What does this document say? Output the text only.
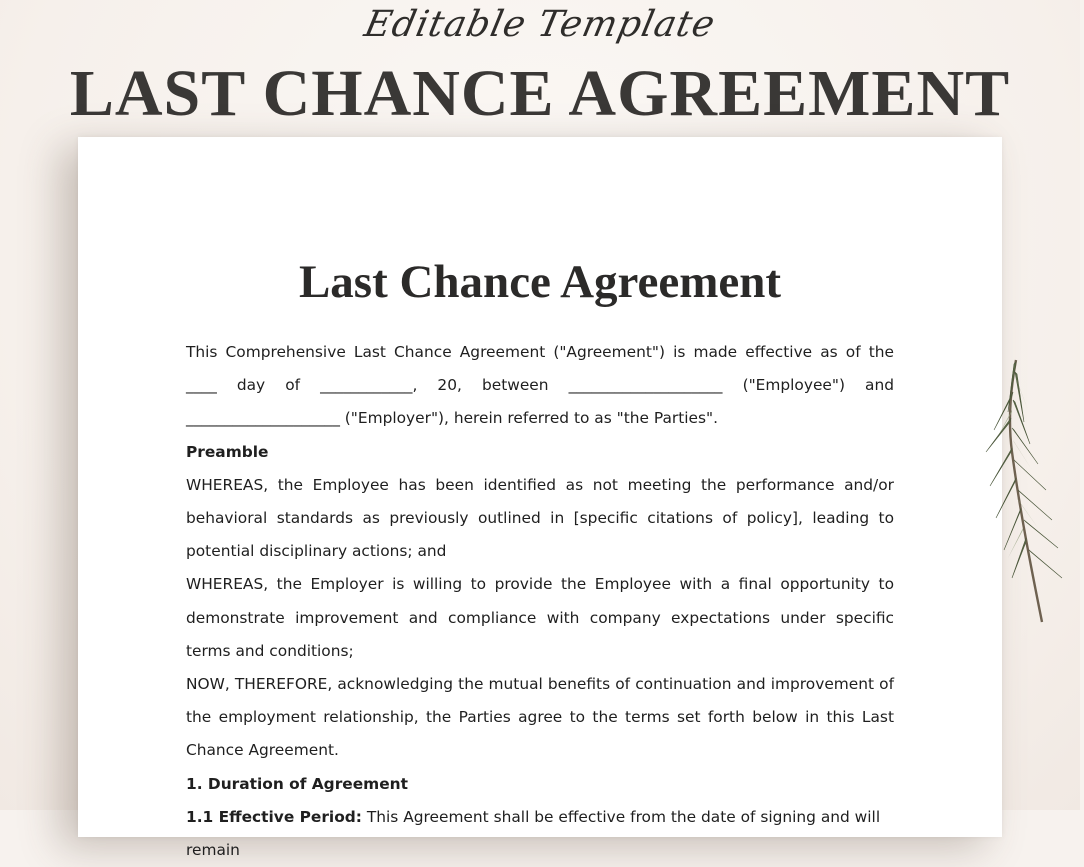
Editable Template
LAST CHANCE AGREEMENT
Last Chance Agreement

This Comprehensive Last Chance Agreement ("Agreement") is made effective as of the ____ day of ____________, 20, between ____________________ ("Employee") and ____________________ ("Employer"), herein referred to as "the Parties".

Preamble

WHEREAS, the Employee has been identified as not meeting the performance and/or behavioral standards as previously outlined in [specific citations of policy], leading to potential disciplinary actions; and

WHEREAS, the Employer is willing to provide the Employee with a final opportunity to demonstrate improvement and compliance with company expectations under specific terms and conditions;

NOW, THEREFORE, acknowledging the mutual benefits of continuation and improvement of the employment relationship, the Parties agree to the terms set forth below in this Last Chance Agreement.

1. Duration of Agreement

1.1 Effective Period: This Agreement shall be effective from the date of signing and will remain
